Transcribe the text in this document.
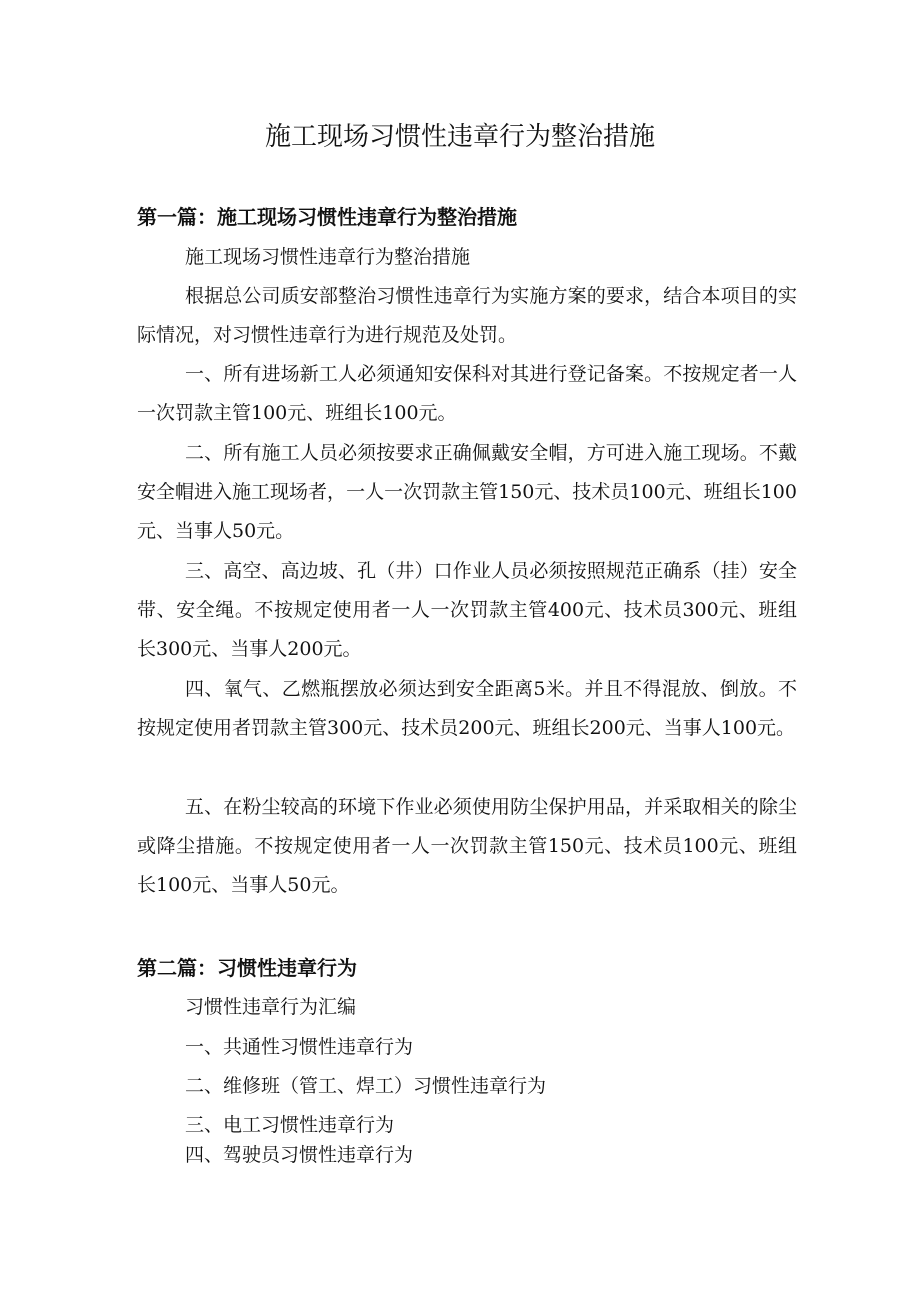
施工现场习惯性违章行为整治措施
第一篇：施工现场习惯性违章行为整治措施

施工现场习惯性违章行为整治措施

根据总公司质安部整治习惯性违章行为实施方案的要求，结合本项目的实际情况，对习惯性违章行为进行规范及处罚。

一、所有进场新工人必须通知安保科对其进行登记备案。不按规定者一人一次罚款主管100元、班组长100元。

二、所有施工人员必须按要求正确佩戴安全帽，方可进入施工现场。不戴安全帽进入施工现场者，一人一次罚款主管150元、技术员100元、班组长100元、当事人50元。

三、高空、高边坡、孔（井）口作业人员必须按照规范正确系（挂）安全带、安全绳。不按规定使用者一人一次罚款主管400元、技术员300元、班组长300元、当事人200元。

四、氧气、乙燃瓶摆放必须达到安全距离5米。并且不得混放、倒放。不按规定使用者罚款主管300元、技术员200元、班组长200元、当事人100元。

五、在粉尘较高的环境下作业必须使用防尘保护用品，并采取相关的除尘或降尘措施。不按规定使用者一人一次罚款主管150元、技术员100元、班组长100元、当事人50元。

第二篇：习惯性违章行为

习惯性违章行为汇编

一、共通性习惯性违章行为

二、维修班（管工、焊工）习惯性违章行为

三、电工习惯性违章行为

四、驾驶员习惯性违章行为
